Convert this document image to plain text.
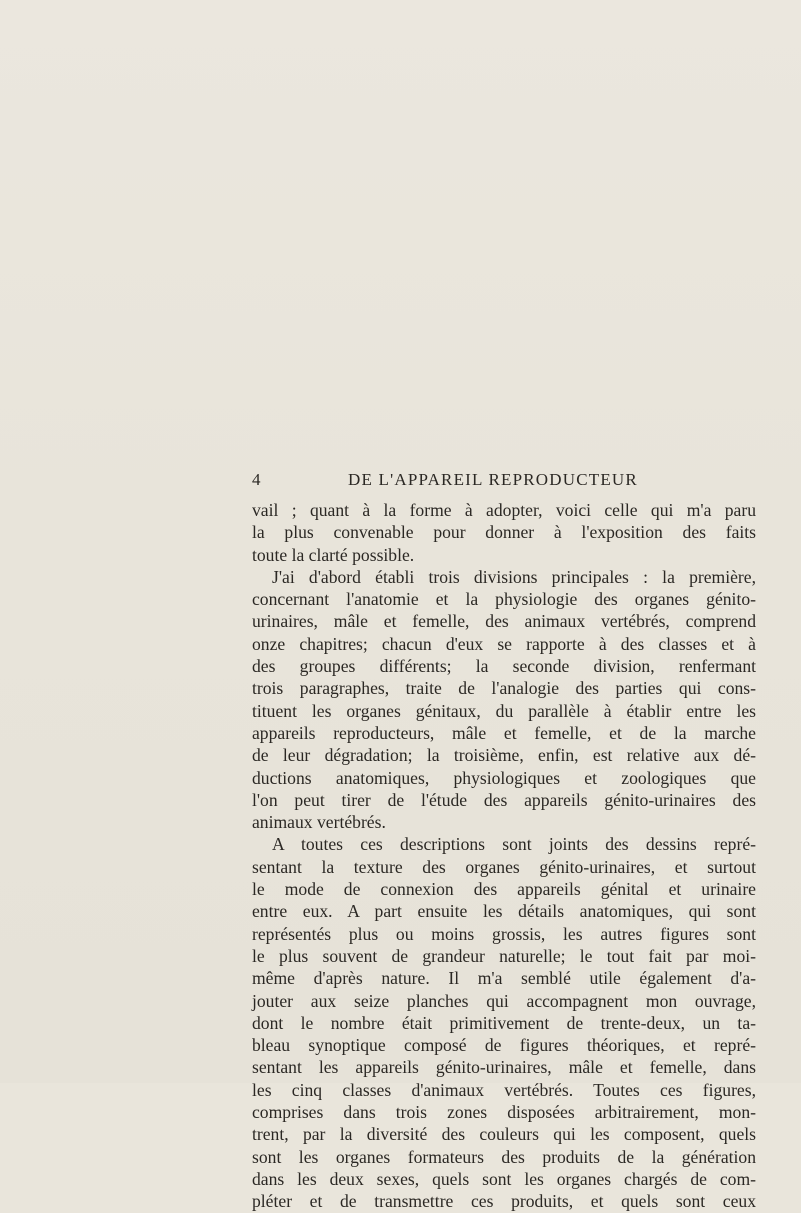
4	DE L'APPAREIL REPRODUCTEUR
vail ; quant à la forme à adopter, voici celle qui m'a paru
la plus convenable pour donner à l'exposition des faits
toute la clarté possible.
J'ai d'abord établi trois divisions principales : la première,
concernant l'anatomie et la physiologie des organes génito-
urinaires, mâle et femelle, des animaux vertébrés, comprend
onze chapitres; chacun d'eux se rapporte à des classes et à
des groupes différents; la seconde division, renfermant
trois paragraphes, traite de l'analogie des parties qui cons-
tituent les organes génitaux, du parallèle à établir entre les
appareils reproducteurs, mâle et femelle, et de la marche
de leur dégradation; la troisième, enfin, est relative aux dé-
ductions anatomiques, physiologiques et zoologiques que
l'on peut tirer de l'étude des appareils génito-urinaires des
animaux vertébrés.
A toutes ces descriptions sont joints des dessins repré-
sentant la texture des organes génito-urinaires, et surtout
le mode de connexion des appareils génital et urinaire
entre eux. A part ensuite les détails anatomiques, qui sont
représentés plus ou moins grossis, les autres figures sont
le plus souvent de grandeur naturelle; le tout fait par moi-
même d'après nature. Il m'a semblé utile également d'a-
jouter aux seize planches qui accompagnent mon ouvrage,
dont le nombre était primitivement de trente-deux, un ta-
bleau synoptique composé de figures théoriques, et repré-
sentant les appareils génito-urinaires, mâle et femelle, dans
les cinq classes d'animaux vertébrés. Toutes ces figures,
comprises dans trois zones disposées arbitrairement, mon-
trent, par la diversité des couleurs qui les composent, quels
sont les organes formateurs des produits de la génération
dans les deux sexes, quels sont les organes chargés de com-
pléter et de transmettre ces produits, et quels sont ceux
